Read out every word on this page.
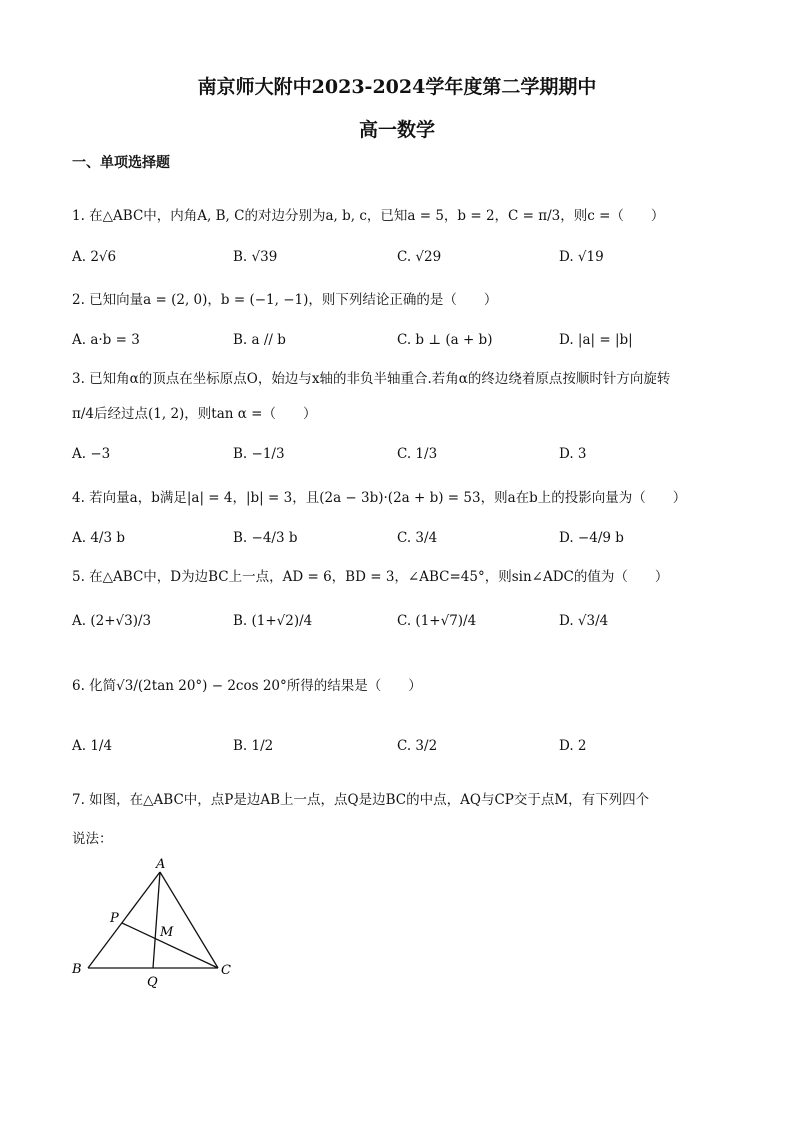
南京师大附中2023-2024学年度第二学期期中
高一数学
一、单项选择题
1. 在△ABC中，内角A, B, C的对边分别为a, b, c，已知a = 5，b = 2，C = π/3，则c =（　　）
A. 2√6	B. √39	C. √29	D. √19
2. 已知向量a = (2, 0)，b = (−1, −1)，则下列结论正确的是（　　）
A. a·b = 3	B. a // b	C. b ⊥ (a + b)	D. |a| = |b|
3. 已知角α的顶点在坐标原点O，始边与x轴的非负半轴重合.若角α的终边绕着原点按顺时针方向旋转
π/4后经过点(1, 2)，则tan α =（　　）
A. −3	B. −1/3	C. 1/3	D. 3
4. 若向量a，b满足|a| = 4，|b| = 3，且(2a − 3b)·(2a + b) = 53，则a在b上的投影向量为（　　）
A. 4/3 b	B. −4/3 b	C. 3/4	D. −4/9 b
5. 在△ABC中，D为边BC上一点，AD = 6，BD = 3，∠ABC=45°，则sin∠ADC的值为（　　）
A. (2+√3)/3	B. (1+√2)/4	C. (1+√7)/4	D. √3/4
6. 化简√3/(2tan 20°) − 2cos 20°所得的结果是（　　）
A. 1/4	B. 1/2	C. 3/2	D. 2
7. 如图，在△ABC中，点P是边AB上一点，点Q是边BC的中点，AQ与CP交于点M，有下列四个
说法：
A
P
M
B
Q
C
